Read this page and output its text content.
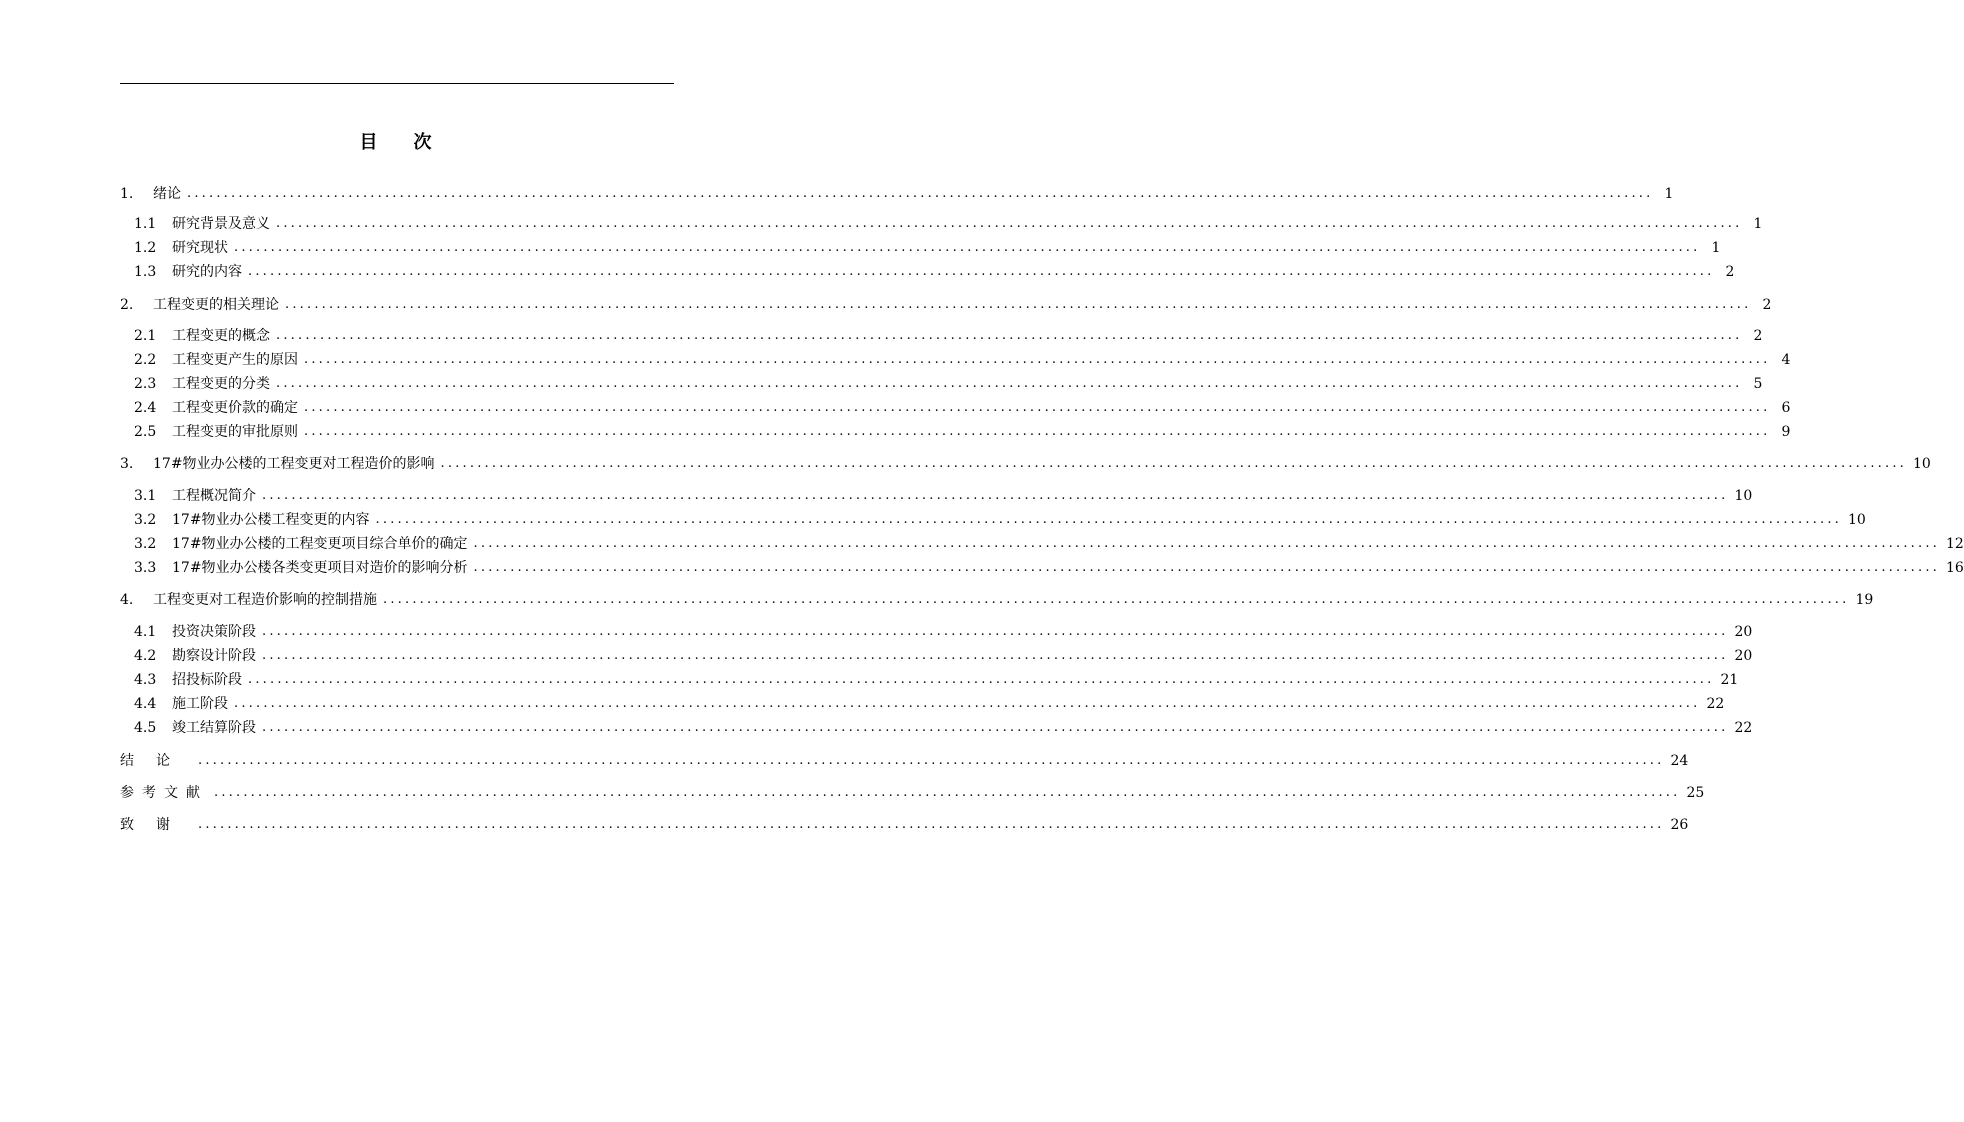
目 次
1.	绪论 ........................................................................................................................................................................................................ 1
1.1	研究背景及意义 ........................................................................................................................................................................................................ 1
1.2	研究现状 ........................................................................................................................................................................................................ 1
1.3	研究的内容 ........................................................................................................................................................................................................ 2
2.	工程变更的相关理论 ........................................................................................................................................................................................................ 2
2.1	工程变更的概念 ........................................................................................................................................................................................................ 2
2.2	工程变更产生的原因 ........................................................................................................................................................................................................ 4
2.3	工程变更的分类 ........................................................................................................................................................................................................ 5
2.4	工程变更价款的确定 ........................................................................................................................................................................................................ 6
2.5	工程变更的审批原则 ........................................................................................................................................................................................................ 9
3.	17#物业办公楼的工程变更对工程造价的影响 ........................................................................................................................................................................................................ 10
3.1	工程概况简介 ........................................................................................................................................................................................................ 10
3.2	17#物业办公楼工程变更的内容 ........................................................................................................................................................................................................ 10
3.2	17#物业办公楼的工程变更项目综合单价的确定 ........................................................................................................................................................................................................ 12
3.3	17#物业办公楼各类变更项目对造价的影响分析 ........................................................................................................................................................................................................ 16
4.	工程变更对工程造价影响的控制措施 ........................................................................................................................................................................................................ 19
4.1	投资决策阶段 ........................................................................................................................................................................................................ 20
4.2	勘察设计阶段 ........................................................................................................................................................................................................ 20
4.3	招投标阶段 ........................................................................................................................................................................................................ 21
4.4	施工阶段 ........................................................................................................................................................................................................ 22
4.5	竣工结算阶段 ........................................................................................................................................................................................................ 22
结论 ........................................................................................................................................................................................................ 24
参考文献 ........................................................................................................................................................................................................ 25
致谢 ........................................................................................................................................................................................................ 26
